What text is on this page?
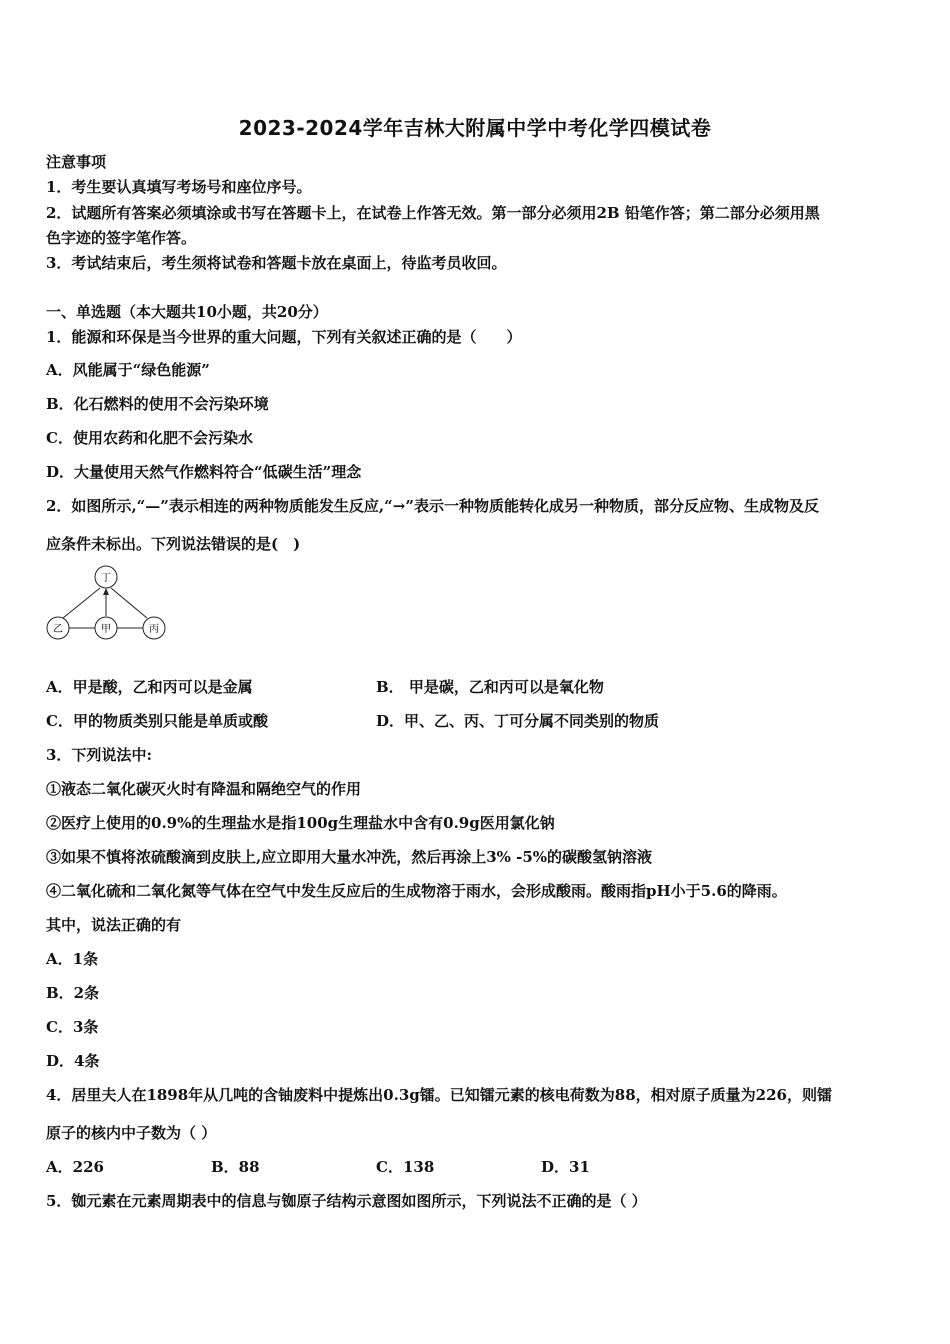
2023-2024学年吉林大附属中学中考化学四模试卷
注意事项
1．考生要认真填写考场号和座位序号。
2．试题所有答案必须填涂或书写在答题卡上，在试卷上作答无效。第一部分必须用2B 铅笔作答；第二部分必须用黑
色字迹的签字笔作答。
3．考试结束后，考生须将试卷和答题卡放在桌面上，待监考员收回。
一、单选题（本大题共10小题，共20分）
1．能源和环保是当今世界的重大问题，下列有关叙述正确的是（　　）
A．风能属于“绿色能源”
B．化石燃料的使用不会污染环境
C．使用农药和化肥不会污染水
D．大量使用天然气作燃料符合“低碳生活”理念
2．如图所示,“—”表示相连的两种物质能发生反应,“→”表示一种物质能转化成另一种物质，部分反应物、生成物及反
应条件未标出。下列说法错误的是(　)
丁
乙	甲	丙
A．甲是酸，乙和丙可以是金属	B． 甲是碳，乙和丙可以是氧化物
C．甲的物质类别只能是单质或酸	D．甲、乙、丙、丁可分属不同类别的物质
3．下列说法中:
①液态二氧化碳灭火时有降温和隔绝空气的作用
②医疗上使用的0.9%的生理盐水是指100g生理盐水中含有0.9g医用氯化钠
③如果不慎将浓硫酸滴到皮肤上,应立即用大量水冲洗，然后再涂上3% -5%的碳酸氢钠溶液
④二氧化硫和二氧化氮等气体在空气中发生反应后的生成物溶于雨水，会形成酸雨。酸雨指pH小于5.6的降雨。
其中，说法正确的有
A．1条
B．2条
C．3条
D．4条
4．居里夫人在1898年从几吨的含铀废料中提炼出0.3g镭。已知镭元素的核电荷数为88，相对原子质量为226，则镭
原子的核内中子数为（ ）
A．226	B．88	C．138	D．31
5．铷元素在元素周期表中的信息与铷原子结构示意图如图所示，下列说法不正确的是（ ）
